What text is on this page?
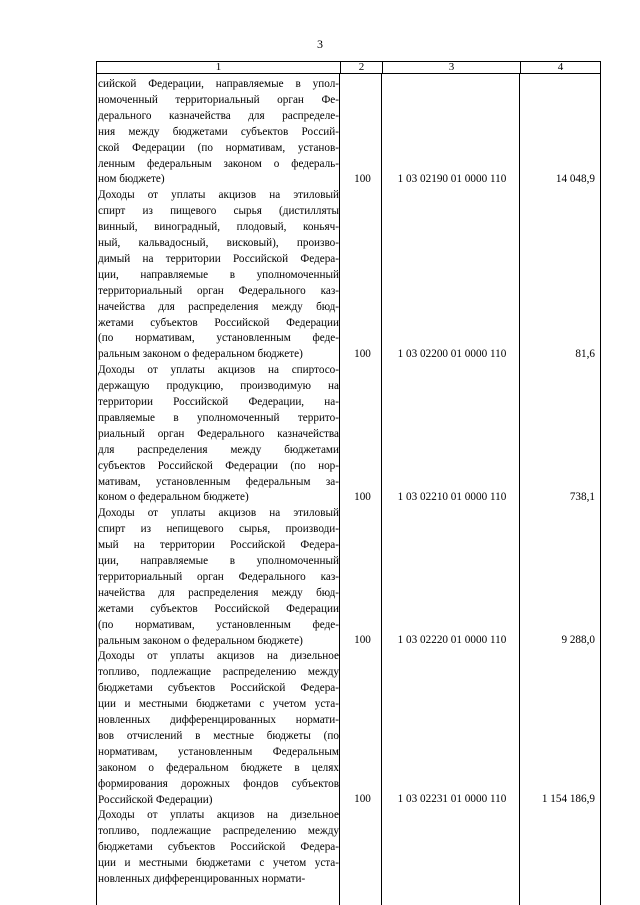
3
1	2	3	4
сийской Федерации, направляемые в упол-
номоченный территориальный орган Фе-
дерального казначейства для распределе-
ния между бюджетами субъектов Россий-
ской Федерации (по нормативам, установ-
ленным федеральным законом о федераль-
ном бюджете)	100	1 03 02190 01 0000 110	14 048,9
Доходы от уплаты акцизов на этиловый
спирт из пищевого сырья (дистилляты
винный, виноградный, плодовый, коньяч-
ный, кальвадосный, висковый), произво-
димый на территории Российской Федера-
ции, направляемые в уполномоченный
территориальный орган Федерального каз-
начейства для распределения между бюд-
жетами субъектов Российской Федерации
(по нормативам, установленным феде-
ральным законом о федеральном бюджете)	100	1 03 02200 01 0000 110	81,6
Доходы от уплаты акцизов на спиртосо-
держащую продукцию, производимую на
территории Российской Федерации, на-
правляемые в уполномоченный террито-
риальный орган Федерального казначейства
для распределения между бюджетами
субъектов Российской Федерации (по нор-
мативам, установленным федеральным за-
коном о федеральном бюджете)	100	1 03 02210 01 0000 110	738,1
Доходы от уплаты акцизов на этиловый
спирт из непищевого сырья, производи-
мый на территории Российской Федера-
ции, направляемые в уполномоченный
территориальный орган Федерального каз-
начейства для распределения между бюд-
жетами субъектов Российской Федерации
(по нормативам, установленным феде-
ральным законом о федеральном бюджете)	100	1 03 02220 01 0000 110	9 288,0
Доходы от уплаты акцизов на дизельное
топливо, подлежащие распределению между
бюджетами субъектов Российской Федера-
ции и местными бюджетами с учетом уста-
новленных дифференцированных нормати-
вов отчислений в местные бюджеты (по
нормативам, установленным Федеральным
законом о федеральном бюджете в целях
формирования дорожных фондов субъектов
Российской Федерации)	100	1 03 02231 01 0000 110	1 154 186,9
Доходы от уплаты акцизов на дизельное
топливо, подлежащие распределению между
бюджетами субъектов Российской Федера-
ции и местными бюджетами с учетом уста-
новленных дифференцированных нормати-
